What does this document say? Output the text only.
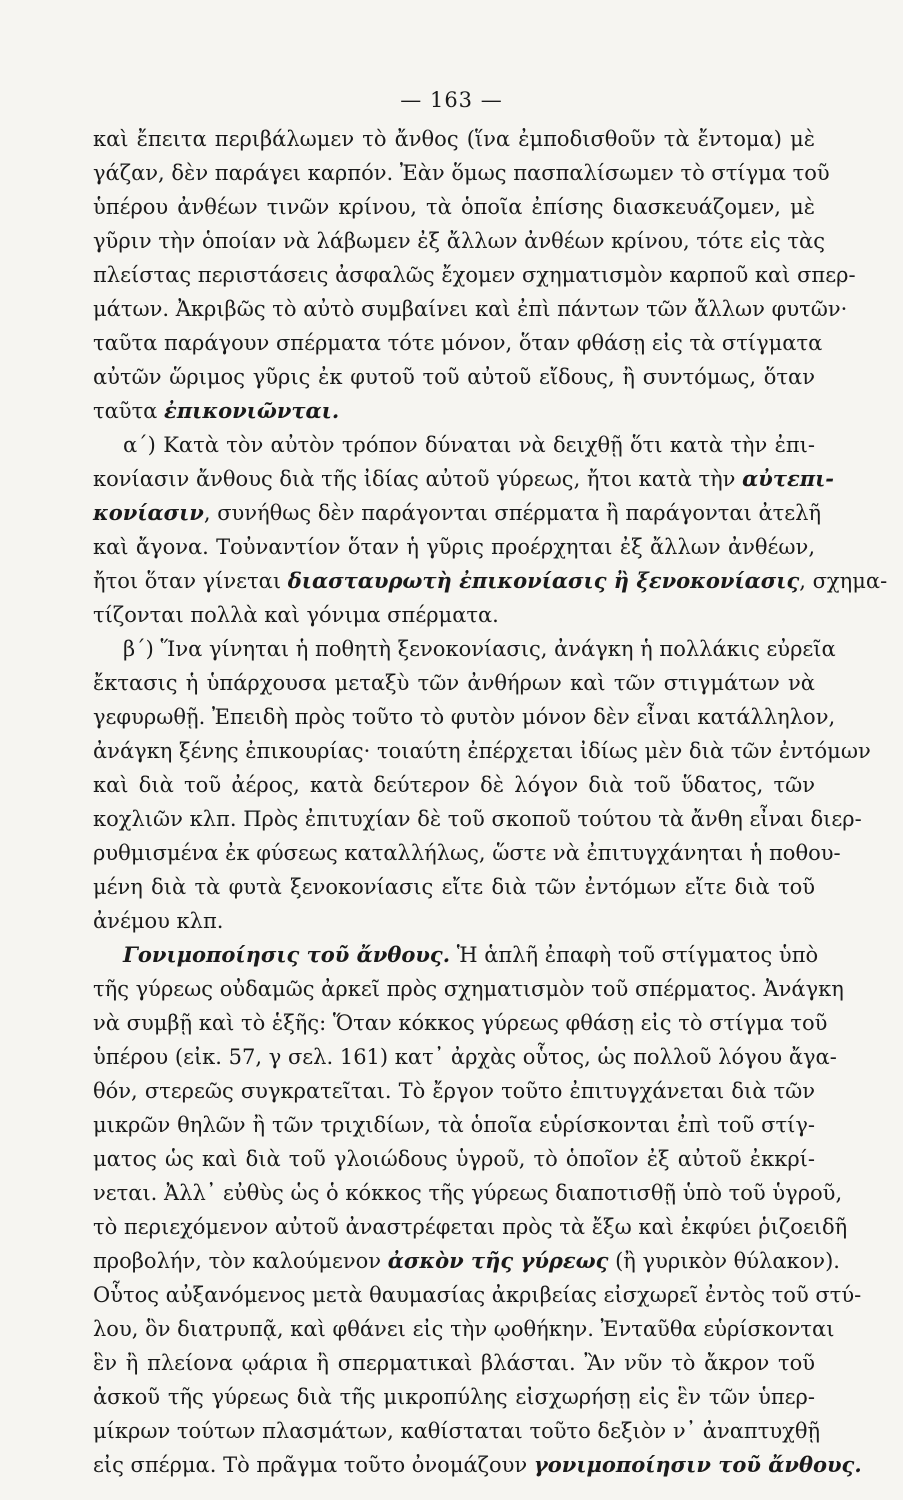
— 163 —
καὶ ἔπειτα περιβάλωμεν τὸ ἄνθος (ἵνα ἐμποδισθοῦν τὰ ἔντομα) μὲ
γάζαν, δὲν παράγει καρπόν. Ἐὰν ὅμως πασπαλίσωμεν τὸ στίγμα τοῦ
ὑπέρου ἀνθέων τινῶν κρίνου, τὰ ὁποῖα ἐπίσης διασκευάζομεν, μὲ
γῦριν τὴν ὁποίαν νὰ λάβωμεν ἐξ ἄλλων ἀνθέων κρίνου, τότε εἰς τὰς
πλείστας περιστάσεις ἀσφαλῶς ἔχομεν σχηματισμὸν καρποῦ καὶ σπερ-
μάτων. Ἀκριβῶς τὸ αὐτὸ συμβαίνει καὶ ἐπὶ πάντων τῶν ἄλλων φυτῶν·
ταῦτα παράγουν σπέρματα τότε μόνον, ὅταν φθάσῃ εἰς τὰ στίγματα
αὐτῶν ὥριμος γῦρις ἐκ φυτοῦ τοῦ αὐτοῦ εἴδους, ἢ συντόμως, ὅταν
ταῦτα ἐπικονιῶνται.
α΄) Κατὰ τὸν αὐτὸν τρόπον δύναται νὰ δειχθῇ ὅτι κατὰ τὴν ἐπι-
κονίασιν ἄνθους διὰ τῆς ἰδίας αὐτοῦ γύρεως, ἤτοι κατὰ τὴν αὐτεπι-
κονίασιν, συνήθως δὲν παράγονται σπέρματα ἢ παράγονται ἀτελῆ
καὶ ἄγονα. Τοὐναντίον ὅταν ἡ γῦρις προέρχηται ἐξ ἄλλων ἀνθέων,
ἤτοι ὅταν γίνεται διασταυρωτὴ ἐπικονίασις ἢ ξενοκονίασις, σχημα-
τίζονται πολλὰ καὶ γόνιμα σπέρματα.
β΄) Ἵνα γίνηται ἡ ποθητὴ ξενοκονίασις, ἀνάγκη ἡ πολλάκις εὐρεῖα
ἔκτασις ἡ ὑπάρχουσα μεταξὺ τῶν ἀνθήρων καὶ τῶν στιγμάτων νὰ
γεφυρωθῇ. Ἐπειδὴ πρὸς τοῦτο τὸ φυτὸν μόνον δὲν εἶναι κατάλληλον,
ἀνάγκη ξένης ἐπικουρίας· τοιαύτη ἐπέρχεται ἰδίως μὲν διὰ τῶν ἐντόμων
καὶ διὰ τοῦ ἀέρος, κατὰ δεύτερον δὲ λόγον διὰ τοῦ ὕδατος, τῶν
κοχλιῶν κλπ. Πρὸς ἐπιτυχίαν δὲ τοῦ σκοποῦ τούτου τὰ ἄνθη εἶναι διερ-
ρυθμισμένα ἐκ φύσεως καταλλήλως, ὥστε νὰ ἐπιτυγχάνηται ἡ ποθου-
μένη διὰ τὰ φυτὰ ξενοκονίασις εἴτε διὰ τῶν ἐντόμων εἴτε διὰ τοῦ
ἀνέμου κλπ.
Γονιμοποίησις τοῦ ἄνθους. Ἡ ἁπλῆ ἐπαφὴ τοῦ στίγματος ὑπὸ
τῆς γύρεως οὐδαμῶς ἀρκεῖ πρὸς σχηματισμὸν τοῦ σπέρματος. Ἀνάγκη
νὰ συμβῇ καὶ τὸ ἑξῆς: Ὅταν κόκκος γύρεως φθάσῃ εἰς τὸ στίγμα τοῦ
ὑπέρου (εἰκ. 57, γ σελ. 161) κατ᾽ ἀρχὰς οὗτος, ὡς πολλοῦ λόγου ἄγα-
θόν, στερεῶς συγκρατεῖται. Τὸ ἔργον τοῦτο ἐπιτυγχάνεται διὰ τῶν
μικρῶν θηλῶν ἢ τῶν τριχιδίων, τὰ ὁποῖα εὑρίσκονται ἐπὶ τοῦ στίγ-
ματος ὡς καὶ διὰ τοῦ γλοιώδους ὑγροῦ, τὸ ὁποῖον ἐξ αὐτοῦ ἐκκρί-
νεται. Ἀλλ᾽ εὐθὺς ὡς ὁ κόκκος τῆς γύρεως διαποτισθῇ ὑπὸ τοῦ ὑγροῦ,
τὸ περιεχόμενον αὐτοῦ ἀναστρέφεται πρὸς τὰ ἔξω καὶ ἐκφύει ῥιζοειδῆ
προβολήν, τὸν καλούμενον ἀσκὸν τῆς γύρεως (ἢ γυρικὸν θύλακον).
Οὗτος αὐξανόμενος μετὰ θαυμασίας ἀκριβείας εἰσχωρεῖ ἐντὸς τοῦ στύ-
λου, ὃν διατρυπᾷ, καὶ φθάνει εἰς τὴν ῳοθήκην. Ἐνταῦθα εὑρίσκονται
ἓν ἢ πλείονα ῳάρια ἢ σπερματικαὶ βλάσται. Ἂν νῦν τὸ ἄκρον τοῦ
ἀσκοῦ τῆς γύρεως διὰ τῆς μικροπύλης εἰσχωρήσῃ εἰς ἓν τῶν ὑπερ-
μίκρων τούτων πλασμάτων, καθίσταται τοῦτο δεξιὸν ν᾽ ἀναπτυχθῇ
εἰς σπέρμα. Τὸ πρᾶγμα τοῦτο ὀνομάζουν γονιμοποίησιν τοῦ ἄνθους.
